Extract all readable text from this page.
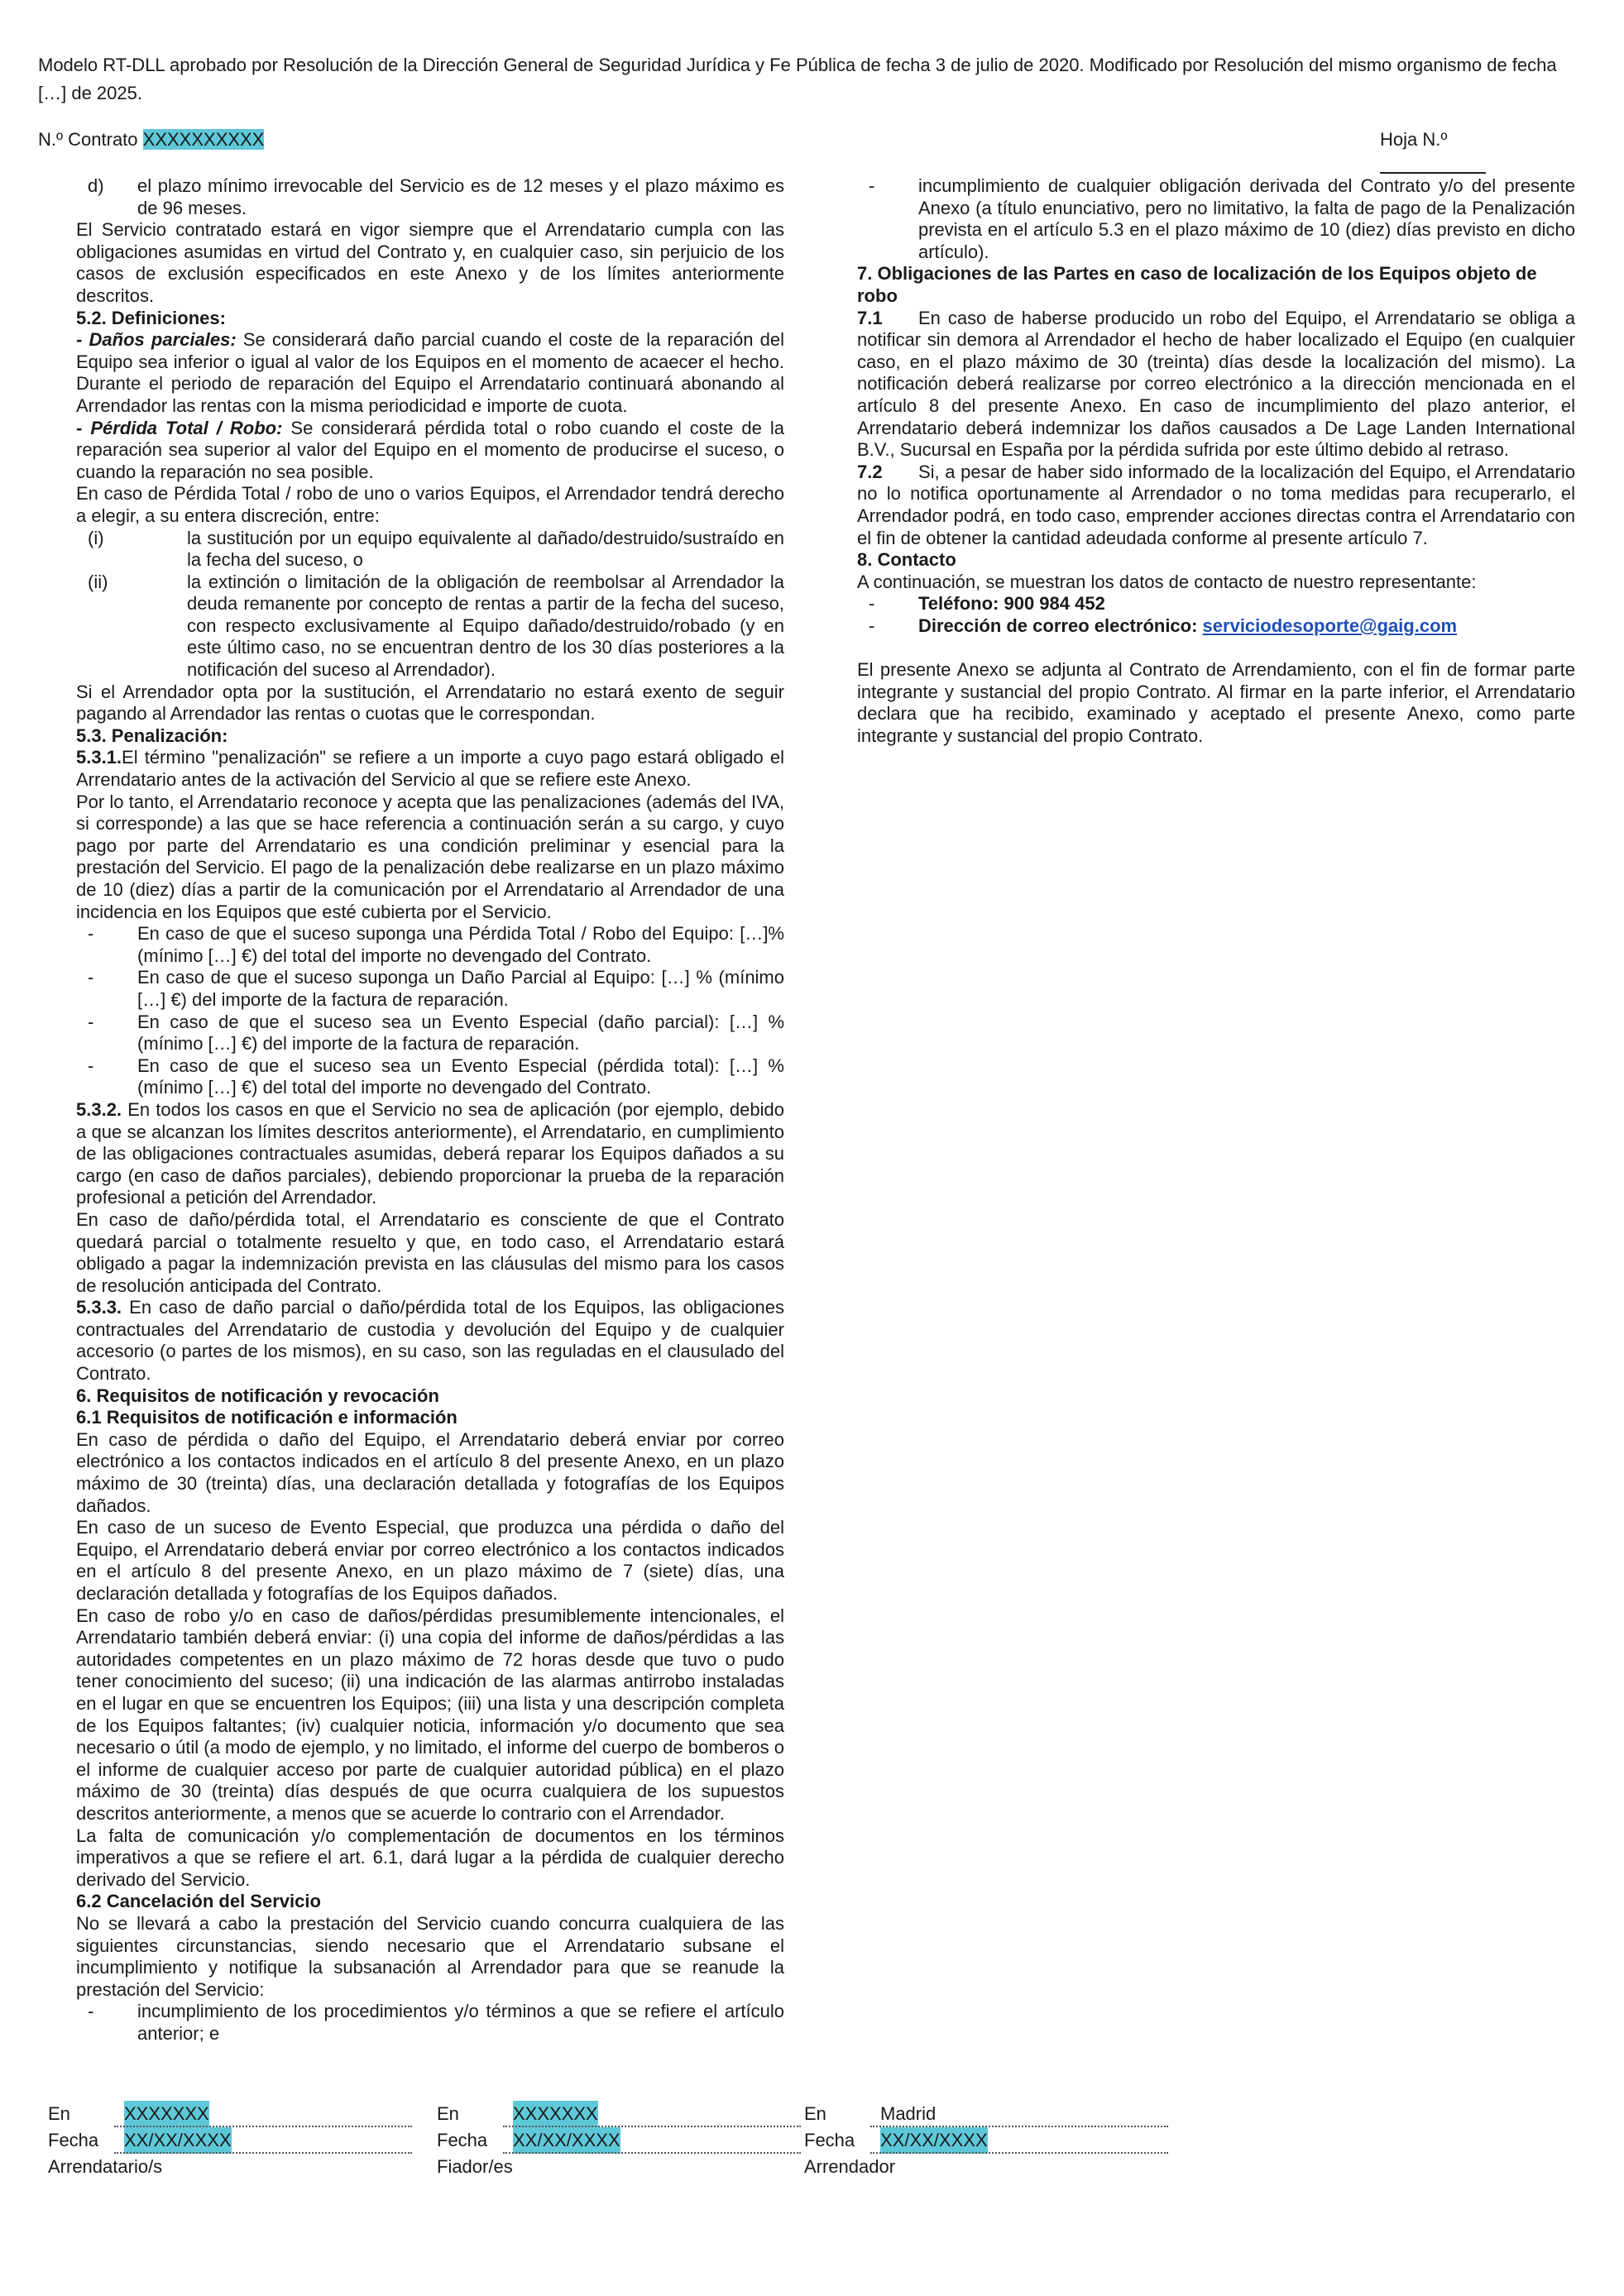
Modelo RT-DLL aprobado por Resolución de la Dirección General de Seguridad Jurídica y Fe Pública de fecha 3 de julio de 2020. Modificado por Resolución del mismo organismo de fecha […] de 2025.
N.º Contrato XXXXXXXXXX	Hoja N.º
d)	el plazo mínimo irrevocable del Servicio es de 12 meses y el plazo máximo es de 96 meses.

El Servicio contratado estará en vigor siempre que el Arrendatario cumpla con las obligaciones asumidas en virtud del Contrato y, en cualquier caso, sin perjuicio de los casos de exclusión especificados en este Anexo y de los límites anteriormente descritos.

5.2. Definiciones:

- Daños parciales: Se considerará daño parcial cuando el coste de la reparación del Equipo sea inferior o igual al valor de los Equipos en el momento de acaecer el hecho. Durante el periodo de reparación del Equipo el Arrendatario continuará abonando al Arrendador las rentas con la misma periodicidad e importe de cuota.

- Pérdida Total / Robo: Se considerará pérdida total o robo cuando el coste de la reparación sea superior al valor del Equipo en el momento de producirse el suceso, o cuando la reparación no sea posible.

En caso de Pérdida Total / robo de uno o varios Equipos, el Arrendador tendrá derecho a elegir, a su entera discreción, entre:

(i)	la sustitución por un equipo equivalente al dañado/destruido/sustraído en la fecha del suceso, o
(ii)	la extinción o limitación de la obligación de reembolsar al Arrendador la deuda remanente por concepto de rentas a partir de la fecha del suceso, con respecto exclusivamente al Equipo dañado/destruido/robado (y en este último caso, no se encuentran dentro de los 30 días posteriores a la notificación del suceso al Arrendador).

Si el Arrendador opta por la sustitución, el Arrendatario no estará exento de seguir pagando al Arrendador las rentas o cuotas que le correspondan.

5.3. Penalización:

5.3.1.El término "penalización" se refiere a un importe a cuyo pago estará obligado el Arrendatario antes de la activación del Servicio al que se refiere este Anexo.

Por lo tanto, el Arrendatario reconoce y acepta que las penalizaciones (además del IVA, si corresponde) a las que se hace referencia a continuación serán a su cargo, y cuyo pago por parte del Arrendatario es una condición preliminar y esencial para la prestación del Servicio. El pago de la penalización debe realizarse en un plazo máximo de 10 (diez) días a partir de la comunicación por el Arrendatario al Arrendador de una incidencia en los Equipos que esté cubierta por el Servicio.

-	En caso de que el suceso suponga una Pérdida Total / Robo del Equipo: […]% (mínimo […] €) del total del importe no devengado del Contrato.
-	En caso de que el suceso suponga un Daño Parcial al Equipo: […] % (mínimo […] €) del importe de la factura de reparación.
-	En caso de que el suceso sea un Evento Especial (daño parcial): […] % (mínimo […] €) del importe de la factura de reparación.
-	En caso de que el suceso sea un Evento Especial (pérdida total): […] % (mínimo […] €) del total del importe no devengado del Contrato.

5.3.2. En todos los casos en que el Servicio no sea de aplicación (por ejemplo, debido a que se alcanzan los límites descritos anteriormente), el Arrendatario, en cumplimiento de las obligaciones contractuales asumidas, deberá reparar los Equipos dañados a su cargo (en caso de daños parciales), debiendo proporcionar la prueba de la reparación profesional a petición del Arrendador.

En caso de daño/pérdida total, el Arrendatario es consciente de que el Contrato quedará parcial o totalmente resuelto y que, en todo caso, el Arrendatario estará obligado a pagar la indemnización prevista en las cláusulas del mismo para los casos de resolución anticipada del Contrato.

5.3.3. En caso de daño parcial o daño/pérdida total de los Equipos, las obligaciones contractuales del Arrendatario de custodia y devolución del Equipo y de cualquier accesorio (o partes de los mismos), en su caso, son las reguladas en el clausulado del Contrato.

6. Requisitos de notificación y revocación

6.1 Requisitos de notificación e información

En caso de pérdida o daño del Equipo, el Arrendatario deberá enviar por correo electrónico a los contactos indicados en el artículo 8 del presente Anexo, en un plazo máximo de 30 (treinta) días, una declaración detallada y fotografías de los Equipos dañados.

En caso de un suceso de Evento Especial, que produzca una pérdida o daño del Equipo, el Arrendatario deberá enviar por correo electrónico a los contactos indicados en el artículo 8 del presente Anexo, en un plazo máximo de 7 (siete) días, una declaración detallada y fotografías de los Equipos dañados.

En caso de robo y/o en caso de daños/pérdidas presumiblemente intencionales, el Arrendatario también deberá enviar: (i) una copia del informe de daños/pérdidas a las autoridades competentes en un plazo máximo de 72 horas desde que tuvo o pudo tener conocimiento del suceso; (ii) una indicación de las alarmas antirrobo instaladas en el lugar en que se encuentren los Equipos; (iii) una lista y una descripción completa de los Equipos faltantes; (iv) cualquier noticia, información y/o documento que sea necesario o útil (a modo de ejemplo, y no limitado, el informe del cuerpo de bomberos o el informe de cualquier acceso por parte de cualquier autoridad pública) en el plazo máximo de 30 (treinta) días después de que ocurra cualquiera de los supuestos descritos anteriormente, a menos que se acuerde lo contrario con el Arrendador.

La falta de comunicación y/o complementación de documentos en los términos imperativos a que se refiere el art. 6.1, dará lugar a la pérdida de cualquier derecho derivado del Servicio.

6.2 Cancelación del Servicio

No se llevará a cabo la prestación del Servicio cuando concurra cualquiera de las siguientes circunstancias, siendo necesario que el Arrendatario subsane el incumplimiento y notifique la subsanación al Arrendador para que se reanude la prestación del Servicio:

-	incumplimiento de los procedimientos y/o términos a que se refiere el artículo anterior; e
-	incumplimiento de cualquier obligación derivada del Contrato y/o del presente Anexo (a título enunciativo, pero no limitativo, la falta de pago de la Penalización prevista en el artículo 5.3 en el plazo máximo de 10 (diez) días previsto en dicho artículo).

7. Obligaciones de las Partes en caso de localización de los Equipos objeto de robo

7.1 En caso de haberse producido un robo del Equipo, el Arrendatario se obliga a notificar sin demora al Arrendador el hecho de haber localizado el Equipo (en cualquier caso, en el plazo máximo de 30 (treinta) días desde la localización del mismo). La notificación deberá realizarse por correo electrónico a la dirección mencionada en el artículo 8 del presente Anexo. En caso de incumplimiento del plazo anterior, el Arrendatario deberá indemnizar los daños causados a De Lage Landen International B.V., Sucursal en España por la pérdida sufrida por este último debido al retraso.

7.2 Si, a pesar de haber sido informado de la localización del Equipo, el Arrendatario no lo notifica oportunamente al Arrendador o no toma medidas para recuperarlo, el Arrendador podrá, en todo caso, emprender acciones directas contra el Arrendatario con el fin de obtener la cantidad adeudada conforme al presente artículo 7.

8. Contacto

A continuación, se muestran los datos de contacto de nuestro representante:

-	Teléfono: 900 984 452
-	Dirección de correo electrónico: serviciodesoporte@gaig.com

El presente Anexo se adjunta al Contrato de Arrendamiento, con el fin de formar parte integrante y sustancial del propio Contrato. Al firmar en la parte inferior, el Arrendatario declara que ha recibido, examinado y aceptado el presente Anexo, como parte integrante y sustancial del propio Contrato.

En	XXXXXXX
Fecha	XX/XX/XXXX
Arrendatario/s
En	XXXXXXX
Fecha	XX/XX/XXXX
Fiador/es
En	Madrid
Fecha	XX/XX/XXXX
Arrendador
